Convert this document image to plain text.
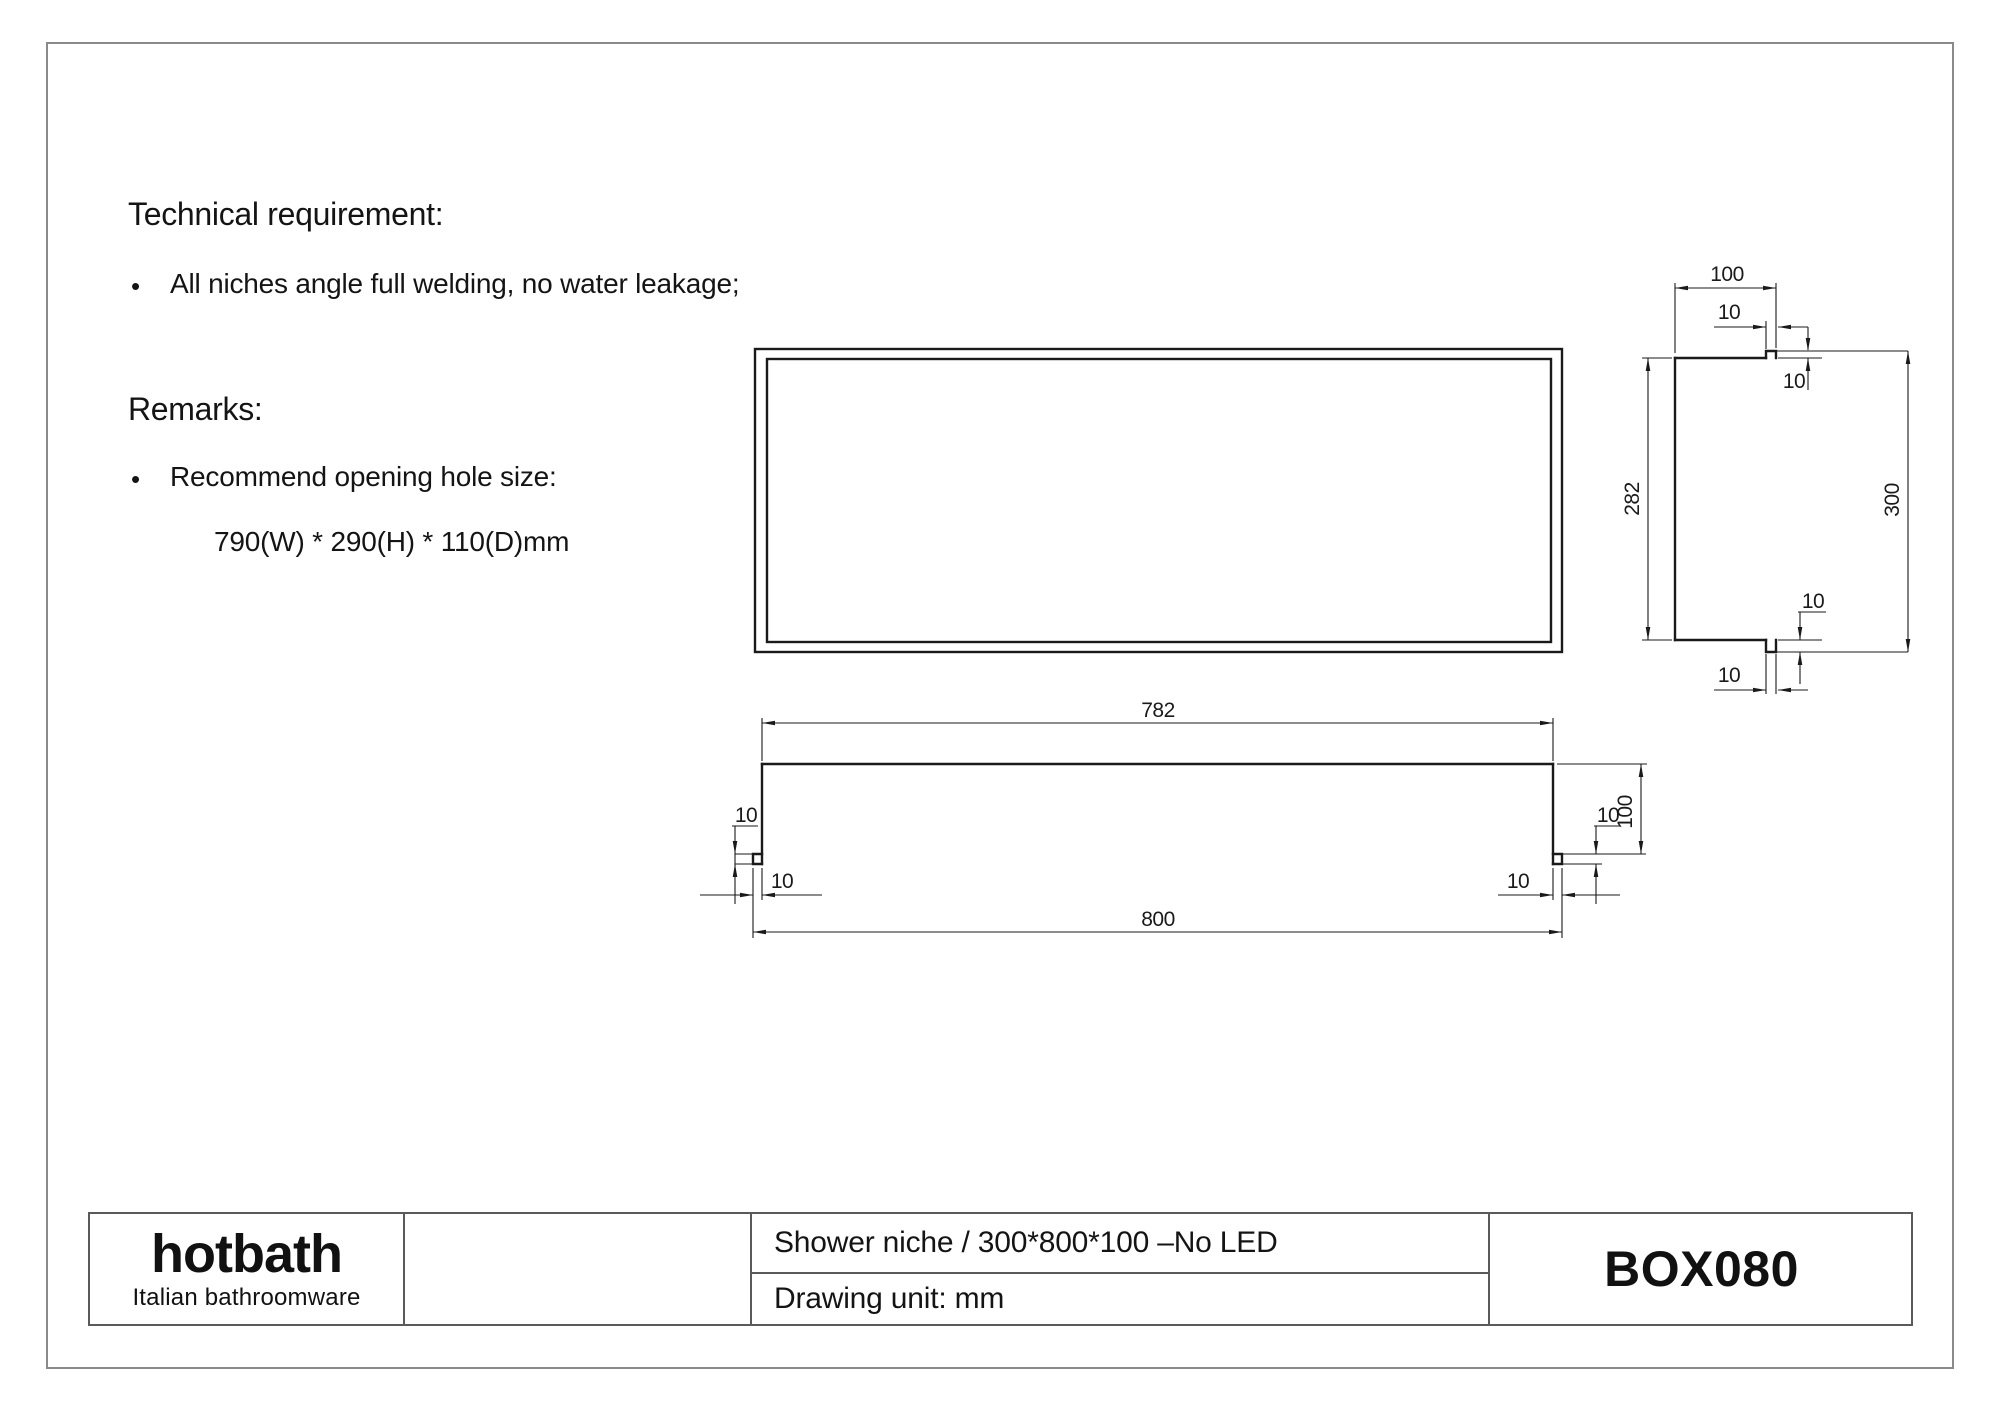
Technical requirement:
• All niches angle full welding, no water leakage;
Remarks:
• Recommend opening hole size:
790(W) * 290(H) * 110(D)mm
782
800
100
10
10
10
10
100
10
10
282	300
10
10
hotbath
Italian bathroomware
Shower niche / 300*800*100 –No LED
Drawing unit: mm
BOX080
